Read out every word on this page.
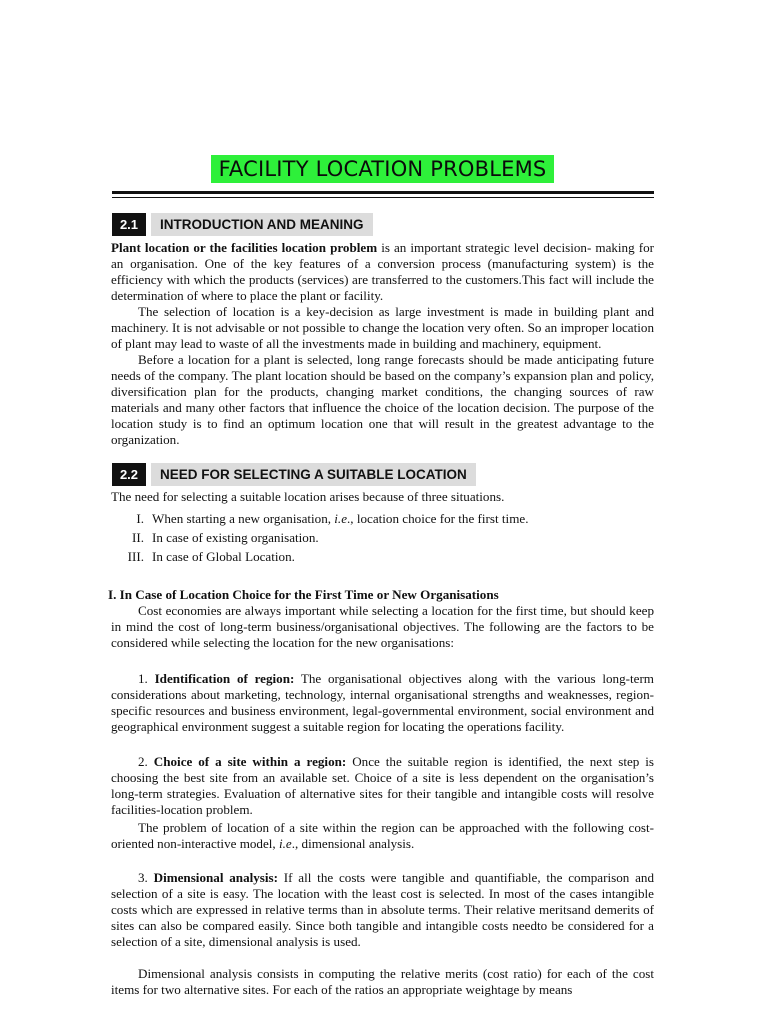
FACILITY LOCATION PROBLEMS
2.1	INTRODUCTION AND MEANING

Plant location or the facilities location problem is an important strategic level decision- making for an organisation. One of the key features of a conversion process (manufacturing system) is the efficiency with which the products (services) are transferred to the customers.This fact will include the determination of where to place the plant or facility.

The selection of location is a key-decision as large investment is made in building plant and machinery. It is not advisable or not possible to change the location very often. So an improper location of plant may lead to waste of all the investments made in building and machinery, equipment.

Before a location for a plant is selected, long range forecasts should be made anticipating future needs of the company. The plant location should be based on the company’s expansion plan and policy, diversification plan for the products, changing market conditions, the changing sources of raw materials and many other factors that influence the choice of the location decision. The purpose of the location study is to find an optimum location one that will result in the greatest advantage to the organization.

2.2	NEED FOR SELECTING A SUITABLE LOCATION

The need for selecting a suitable location arises because of three situations.

I. When starting a new organisation, i.e., location choice for the first time.
II. In case of existing organisation.
III. In case of Global Location.
I. In Case of Location Choice for the First Time or New Organisations

Cost economies are always important while selecting a location for the first time, but should keep in mind the cost of long-term business/organisational objectives. The following are the factors to be considered while selecting the location for the new organisations:

1. Identification of region: The organisational objectives along with the various long-term considerations about marketing, technology, internal organisational strengths and weaknesses, region-specific resources and business environment, legal-governmental environment, social environment and geographical environment suggest a suitable region for locating the operations facility.

2. Choice of a site within a region: Once the suitable region is identified, the next step is choosing the best site from an available set. Choice of a site is less dependent on the organisation’s long-term strategies. Evaluation of alternative sites for their tangible and intangible costs will resolve facilities-location problem.

The problem of location of a site within the region can be approached with the following cost-oriented non-interactive model, i.e., dimensional analysis.

3. Dimensional analysis: If all the costs were tangible and quantifiable, the comparison and selection of a site is easy. The location with the least cost is selected. In most of the cases intangible costs which are expressed in relative terms than in absolute terms. Their relative meritsand demerits of sites can also be compared easily. Since both tangible and intangible costs needto be considered for a selection of a site, dimensional analysis is used.

Dimensional analysis consists in computing the relative merits (cost ratio) for each of the cost items for two alternative sites. For each of the ratios an appropriate weightage by means
